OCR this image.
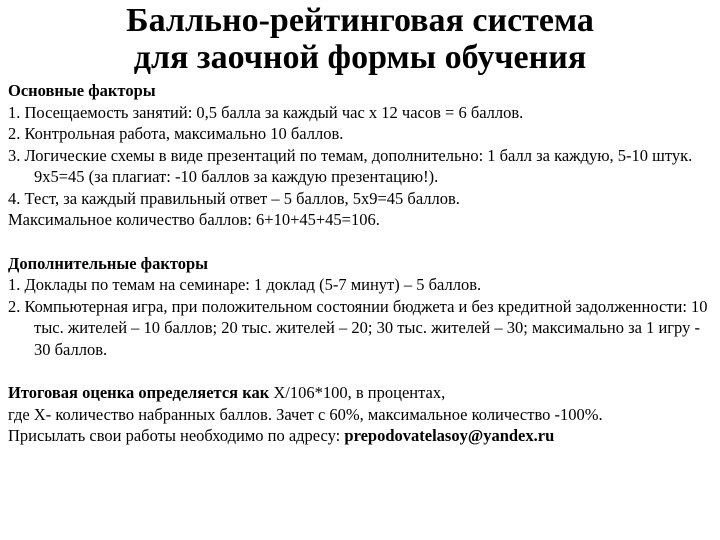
Балльно-рейтинговая система
для заочной формы обучения

Основные факторы

1. Посещаемость занятий: 0,5 балла за каждый час х 12 часов = 6 баллов.

2. Контрольная работа, максимально 10 баллов.

3. Логические схемы в виде презентаций по темам, дополнительно: 1 балл за каждую, 5-10 штук. 9х5=45 (за плагиат: -10 баллов за каждую презентацию!).

4. Тест, за каждый правильный ответ – 5 баллов, 5х9=45 баллов.

Максимальное количество баллов: 6+10+45+45=106.

Дополнительные факторы

1. Доклады по темам на семинаре: 1 доклад (5-7 минут) – 5 баллов.

2. Компьютерная игра, при положительном состоянии бюджета и без кредитной задолженности: 10 тыс. жителей – 10 баллов; 20 тыс. жителей – 20; 30 тыс. жителей – 30; максимально за 1 игру - 30 баллов.

Итоговая оценка определяется как Х/106*100, в процентах,

где Х- количество набранных баллов. Зачет с 60%, максимальное количество -100%.

Присылать свои работы необходимо по адресу: prepodovatelasoy@yandex.ru
